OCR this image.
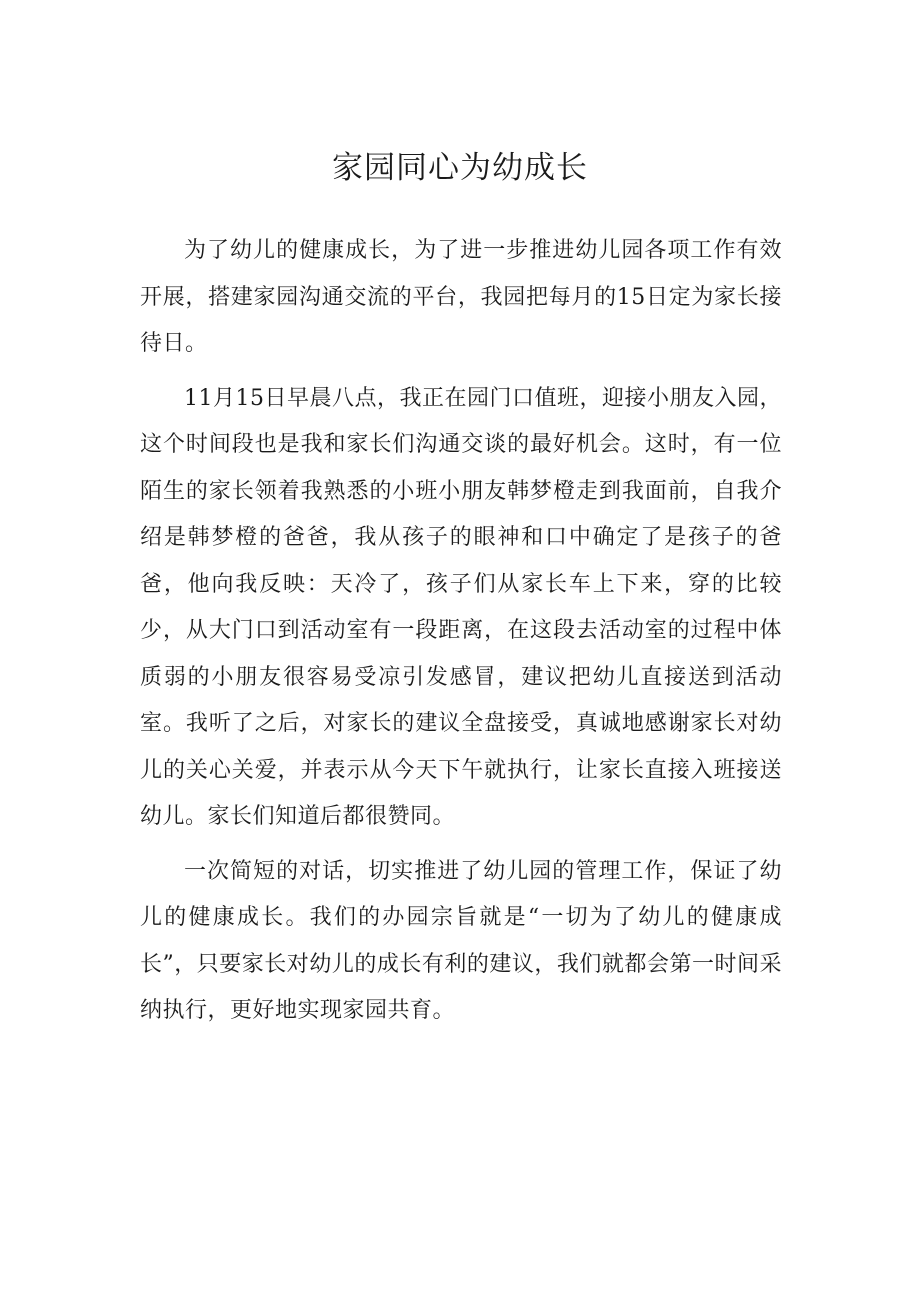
家园同心为幼成长

为了幼儿的健康成长，为了进一步推进幼儿园各项工作有效开展，搭建家园沟通交流的平台，我园把每月的15日定为家长接待日。

11月15日早晨八点，我正在园门口值班，迎接小朋友入园，这个时间段也是我和家长们沟通交谈的最好机会。这时，有一位陌生的家长领着我熟悉的小班小朋友韩梦橙走到我面前，自我介绍是韩梦橙的爸爸，我从孩子的眼神和口中确定了是孩子的爸爸，他向我反映：天冷了，孩子们从家长车上下来，穿的比较少，从大门口到活动室有一段距离，在这段去活动室的过程中体质弱的小朋友很容易受凉引发感冒，建议把幼儿直接送到活动室。我听了之后，对家长的建议全盘接受，真诚地感谢家长对幼儿的关心关爱，并表示从今天下午就执行，让家长直接入班接送幼儿。家长们知道后都很赞同。

一次简短的对话，切实推进了幼儿园的管理工作，保证了幼儿的健康成长。我们的办园宗旨就是“一切为了幼儿的健康成长”，只要家长对幼儿的成长有利的建议，我们就都会第一时间采纳执行，更好地实现家园共育。
